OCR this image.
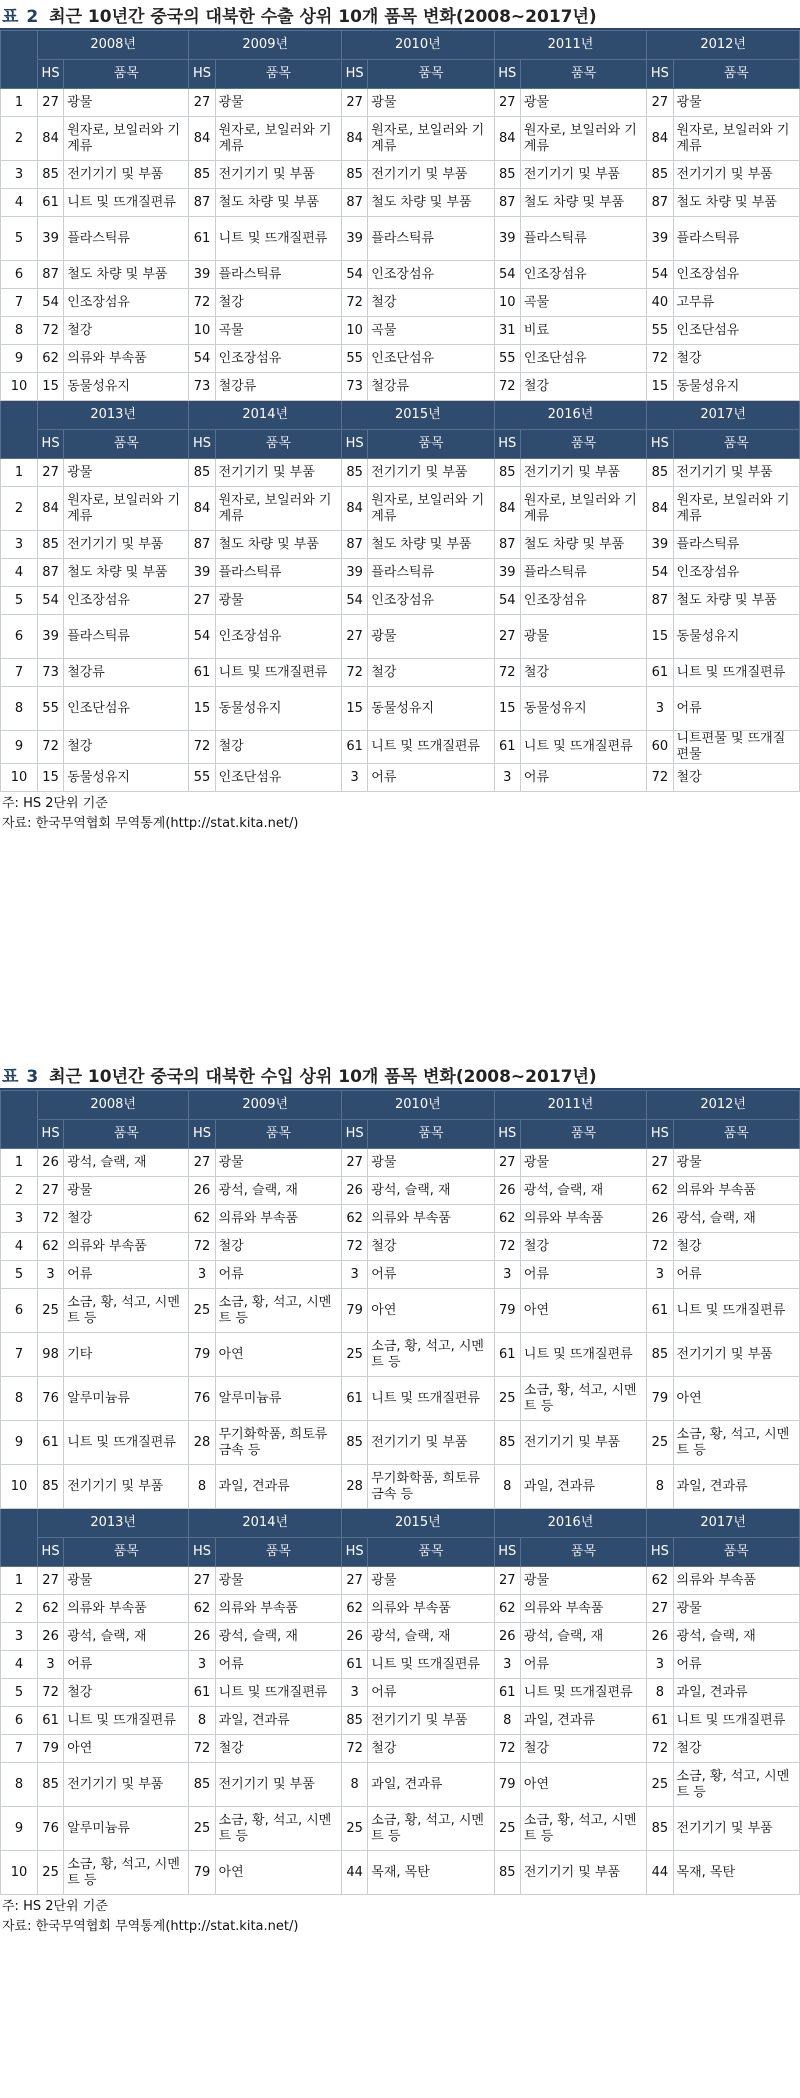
표 2 최근 10년간 중국의 대북한 수출 상위 10개 품목 변화(2008~2017년)
	2008년		2009년		2010년		2011년		2012년	
	HS	품목	HS	품목	HS	품목	HS	품목	HS	품목
1	27	광물	27	광물	27	광물	27	광물	27	광물
2	84	원자로, 보일러와 기계류	84	원자로, 보일러와 기계류	84	원자로, 보일러와 기계류	84	원자로, 보일러와 기계류	84	원자로, 보일러와 기계류
3	85	전기기기 및 부품	85	전기기기 및 부품	85	전기기기 및 부품	85	전기기기 및 부품	85	전기기기 및 부품
4	61	니트 및 뜨개질편류	87	철도 차량 및 부품	87	철도 차량 및 부품	87	철도 차량 및 부품	87	철도 차량 및 부품
5	39	플라스틱류	61	니트 및 뜨개질편류	39	플라스틱류	39	플라스틱류	39	플라스틱류
6	87	철도 차량 및 부품	39	플라스틱류	54	인조장섬유	54	인조장섬유	54	인조장섬유
7	54	인조장섬유	72	철강	72	철강	10	곡물	40	고무류
8	72	철강	10	곡물	10	곡물	31	비료	55	인조단섬유
9	62	의류와 부속품	54	인조장섬유	55	인조단섬유	55	인조단섬유	72	철강
10	15	동물성유지	73	철강류	73	철강류	72	철강	15	동물성유지
	2013년		2014년		2015년		2016년		2017년	
	HS	품목	HS	품목	HS	품목	HS	품목	HS	품목
1	27	광물	85	전기기기 및 부품	85	전기기기 및 부품	85	전기기기 및 부품	85	전기기기 및 부품
2	84	원자로, 보일러와 기계류	84	원자로, 보일러와 기계류	84	원자로, 보일러와 기계류	84	원자로, 보일러와 기계류	84	원자로, 보일러와 기계류
3	85	전기기기 및 부품	87	철도 차량 및 부품	87	철도 차량 및 부품	87	철도 차량 및 부품	39	플라스틱류
4	87	철도 차량 및 부품	39	플라스틱류	39	플라스틱류	39	플라스틱류	54	인조장섬유
5	54	인조장섬유	27	광물	54	인조장섬유	54	인조장섬유	87	철도 차량 및 부품
6	39	플라스틱류	54	인조장섬유	27	광물	27	광물	15	동물성유지
7	73	철강류	61	니트 및 뜨개질편류	72	철강	72	철강	61	니트 및 뜨개질편류
8	55	인조단섬유	15	동물성유지	15	동물성유지	15	동물성유지	3	어류
9	72	철강	72	철강	61	니트 및 뜨개질편류	61	니트 및 뜨개질편류	60	니트편물 및 뜨개질편물
10	15	동물성유지	55	인조단섬유	3	어류	3	어류	72	철강
주: HS 2단위 기준
자료: 한국무역협회 무역통계(http://stat.kita.net/)
표 3 최근 10년간 중국의 대북한 수입 상위 10개 품목 변화(2008~2017년)
	2008년		2009년		2010년		2011년		2012년	
	HS	품목	HS	품목	HS	품목	HS	품목	HS	품목
1	26	광석, 슬랙, 재	27	광물	27	광물	27	광물	27	광물
2	27	광물	26	광석, 슬랙, 재	26	광석, 슬랙, 재	26	광석, 슬랙, 재	62	의류와 부속품
3	72	철강	62	의류와 부속품	62	의류와 부속품	62	의류와 부속품	26	광석, 슬랙, 재
4	62	의류와 부속품	72	철강	72	철강	72	철강	72	철강
5	3	어류	3	어류	3	어류	3	어류	3	어류
6	25	소금, 황, 석고, 시멘트 등	25	소금, 황, 석고, 시멘트 등	79	아연	79	아연	61	니트 및 뜨개질편류
7	98	기타	79	아연	25	소금, 황, 석고, 시멘트 등	61	니트 및 뜨개질편류	85	전기기기 및 부품
8	76	알루미늄류	76	알루미늄류	61	니트 및 뜨개질편류	25	소금, 황, 석고, 시멘트 등	79	아연
9	61	니트 및 뜨개질편류	28	무기화학품, 희토류금속 등	85	전기기기 및 부품	85	전기기기 및 부품	25	소금, 황, 석고, 시멘트 등
10	85	전기기기 및 부품	8	과일, 견과류	28	무기화학품, 희토류금속 등	8	과일, 견과류	8	과일, 견과류
	2013년		2014년		2015년		2016년		2017년	
	HS	품목	HS	품목	HS	품목	HS	품목	HS	품목
1	27	광물	27	광물	27	광물	27	광물	62	의류와 부속품
2	62	의류와 부속품	62	의류와 부속품	62	의류와 부속품	62	의류와 부속품	27	광물
3	26	광석, 슬랙, 재	26	광석, 슬랙, 재	26	광석, 슬랙, 재	26	광석, 슬랙, 재	26	광석, 슬랙, 재
4	3	어류	3	어류	61	니트 및 뜨개질편류	3	어류	3	어류
5	72	철강	61	니트 및 뜨개질편류	3	어류	61	니트 및 뜨개질편류	8	과일, 견과류
6	61	니트 및 뜨개질편류	8	과일, 견과류	85	전기기기 및 부품	8	과일, 견과류	61	니트 및 뜨개질편류
7	79	아연	72	철강	72	철강	72	철강	72	철강
8	85	전기기기 및 부품	85	전기기기 및 부품	8	과일, 견과류	79	아연	25	소금, 황, 석고, 시멘트 등
9	76	알루미늄류	25	소금, 황, 석고, 시멘트 등	25	소금, 황, 석고, 시멘트 등	25	소금, 황, 석고, 시멘트 등	85	전기기기 및 부품
10	25	소금, 황, 석고, 시멘트 등	79	아연	44	목재, 목탄	85	전기기기 및 부품	44	목재, 목탄
주: HS 2단위 기준
자료: 한국무역협회 무역통계(http://stat.kita.net/)
